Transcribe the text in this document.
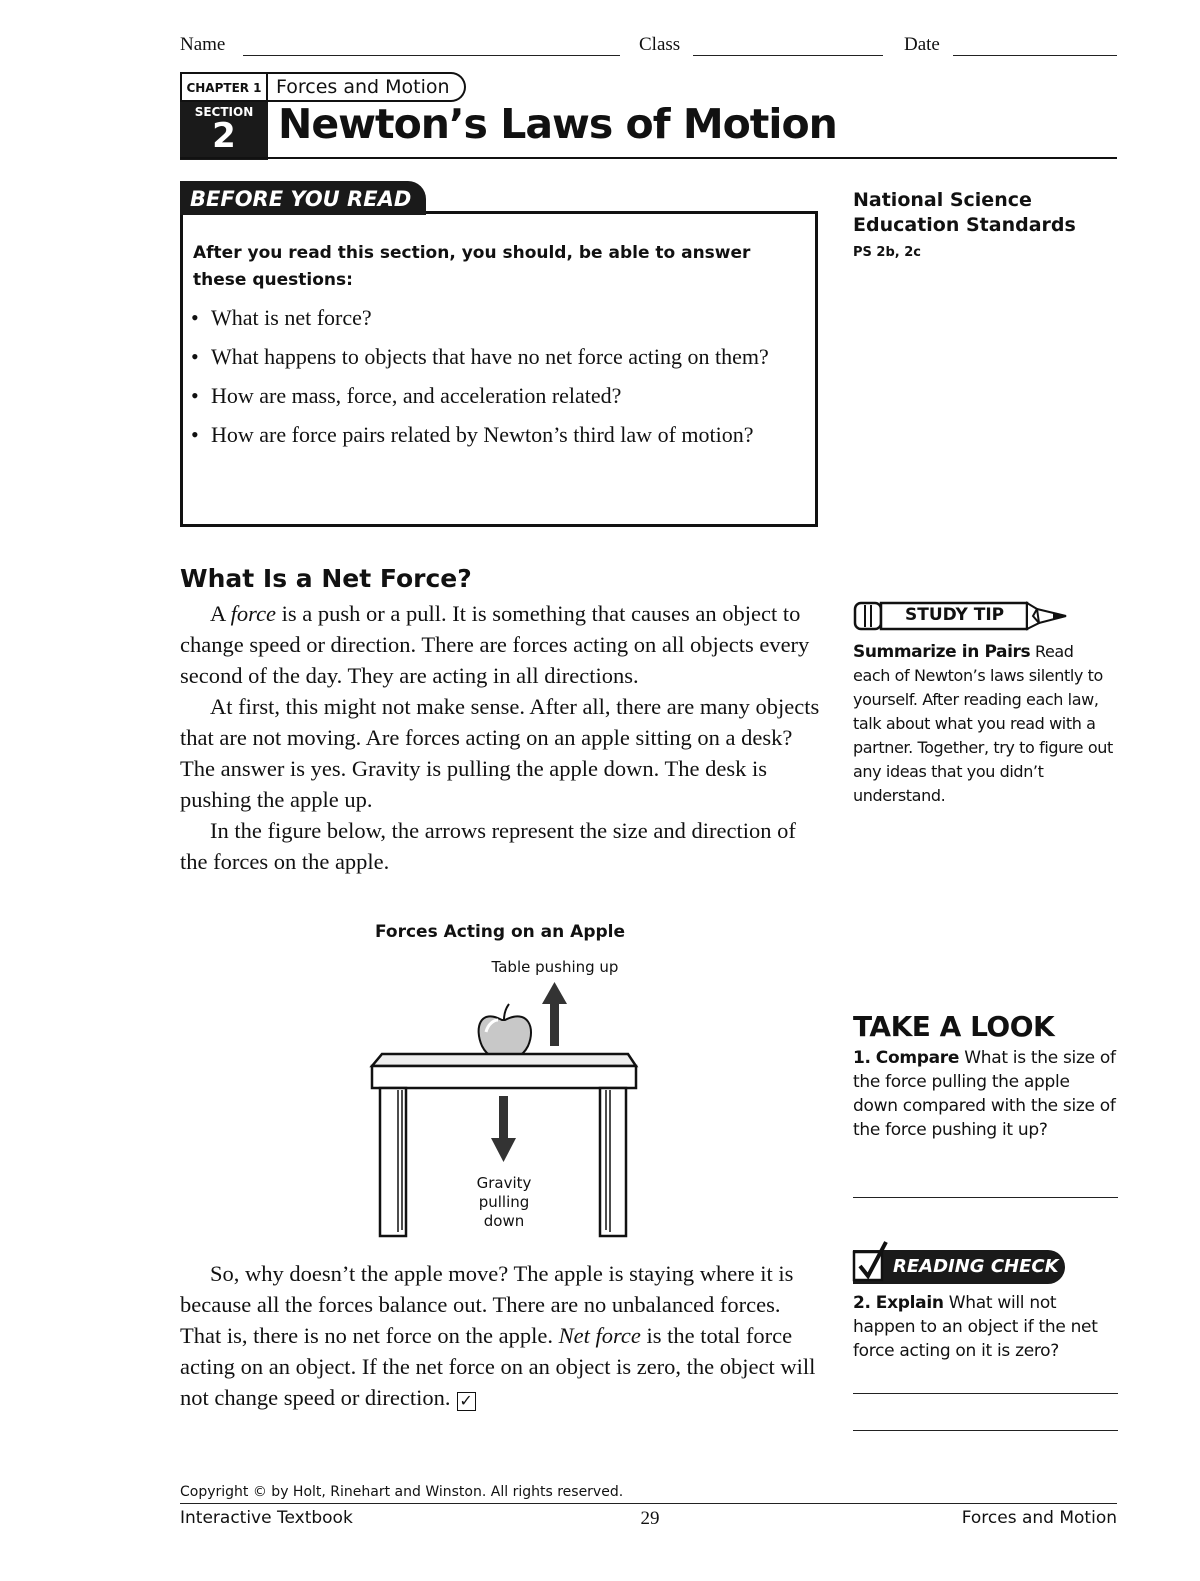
Name	Class	Date
CHAPTER 1 Forces and Motion
SECTION
2	Newton’s Laws of Motion
BEFORE YOU READ
After you read this section, you should, be able to answer these questions:
• What is net force?
• What happens to objects that have no net force acting on them?
• How are mass, force, and acceleration related?
• How are force pairs related by Newton’s third law of motion?
National Science Education Standards
PS 2b, 2c
What Is a Net Force?

A force is a push or a pull. It is something that causes an object to change speed or direction. There are forces acting on all objects every second of the day. They are acting in all directions.

At first, this might not make sense. After all, there are many objects that are not moving. Are forces acting on an apple sitting on a desk? The answer is yes. Gravity is pulling the apple down. The desk is pushing the apple up.

In the figure below, the arrows represent the size and direction of the forces on the apple.

STUDY TIP
Summarize in Pairs Read each of Newton’s laws silently to yourself. After reading each law, talk about what you read with a partner. Together, try to figure out any ideas that you didn’t understand.
Forces Acting on an Apple
Table pushing up
Gravity pulling down

So, why doesn’t the apple move? The apple is staying where it is because all the forces balance out. There are no unbalanced forces. That is, there is no net force on the apple. Net force is the total force acting on an object. If the net force on an object is zero, the object will not change speed or direction. ✓

TAKE A LOOK
1. Compare What is the size of the force pulling the apple down compared with the size of the force pushing it up?
READING CHECK
2. Explain What will not happen to an object if the net force acting on it is zero?
Copyright © by Holt, Rinehart and Winston. All rights reserved.
Interactive Textbook	29	Forces and Motion
